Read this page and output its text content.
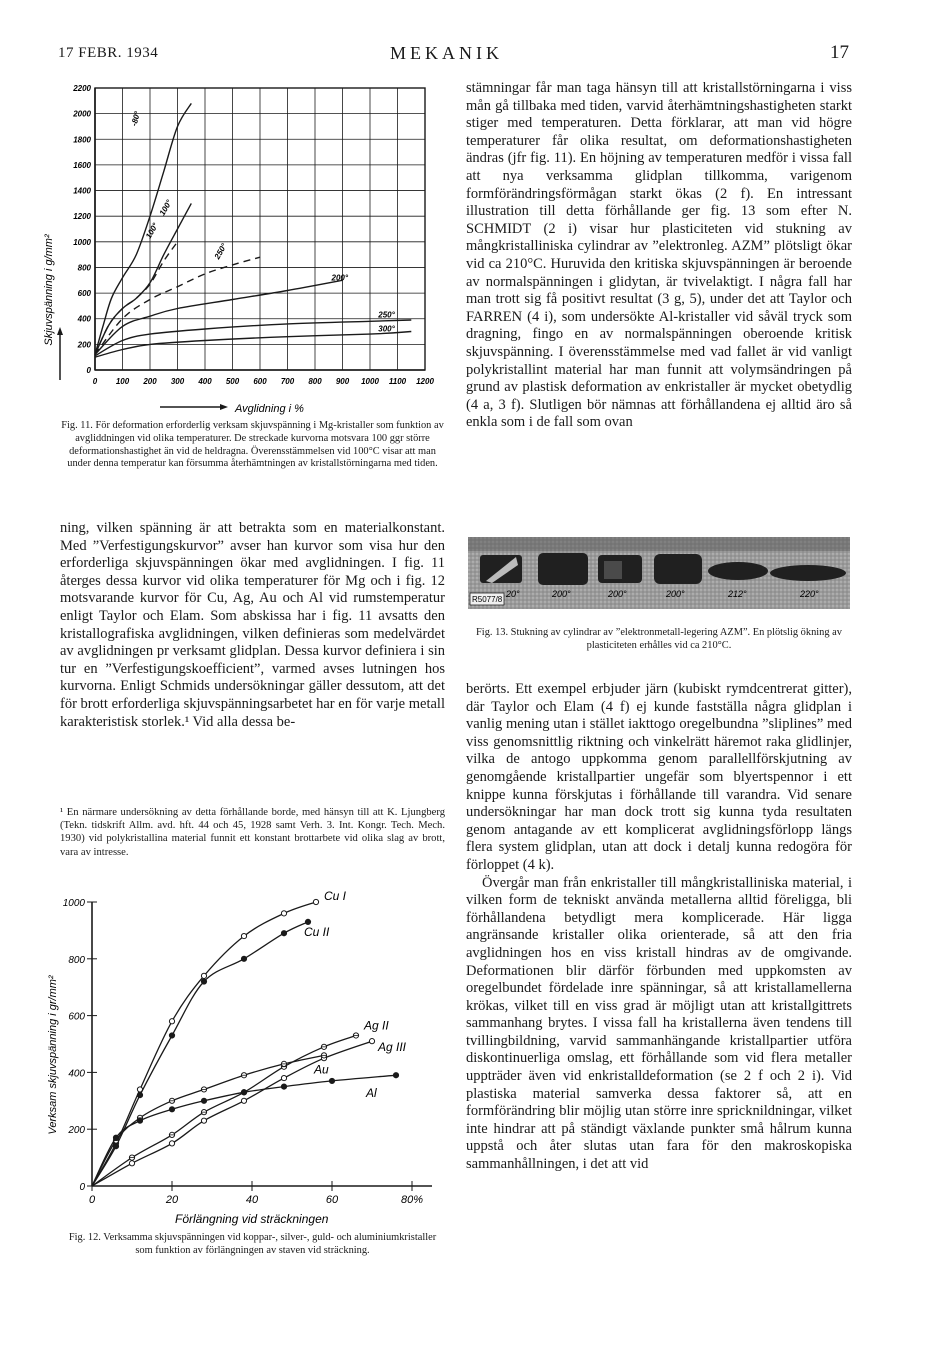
17 FEBR. 1934	MEKANIK	17
0 100 200 300 400 500 600 700 800 900 1000 1100 1200
0
200
400
600
800
1000
1200
1400
1600
1800
2000
2200
-80°
100°
100°
250°
200°
250°
300°
Avglidning i %
Skjuvspänning i g/mm²
Fig. 11. För deformation erforderlig verksam skjuvspänning i Mg-kristaller som funktion av avgliddningen vid olika temperaturer. De streckade kurvorna motsvara 100 ggr större deformationshastighet än vid de heldragna. Överensstämmelsen vid 100°C visar att man under denna temperatur kan försumma återhämtningen av kristallstörningarna med tiden.

ning, vilken spänning är att betrakta som en materialkonstant. Med ”Verfestigungskurvor” avser han kurvor som visa hur den erforderliga skjuvspänningen ökar med avglidningen. I fig. 11 återges dessa kurvor vid olika temperaturer för Mg och i fig. 12 motsvarande kurvor för Cu, Ag, Au och Al vid rumstemperatur enligt Taylor och Elam. Som abskissa har i fig. 11 avsatts den kristallografiska avglidningen, vilken definieras som medelvärdet av avglidningen pr verksamt glidplan. Dessa kurvor definiera i sin tur en ”Verfestigungskoefficient”, varmed avses lutningen hos kurvorna. Enligt Schmids undersökningar gäller dessutom, att det för brott erforderliga skjuvspänningsarbetet har en för varje metall karakteristisk storlek.¹ Vid alla dessa be-

¹ En närmare undersökning av detta förhållande borde, med hänsyn till att K. Ljungberg (Tekn. tidskrift Allm. avd. hft. 44 och 45, 1928 samt Verh. 3. Int. Kongr. Tech. Mech. 1930) vid polykristallina material funnit ett konstant brottarbete vid olika slag av brott, vara av intresse.
0
200
400
600
800
1000
0	20	40	60	80%
Cu I
Cu II
Ag II
Ag III
Au
Al
Förlängning vid sträckningen
Verksam skjuvspänning i gr/mm²
Fig. 12. Verksamma skjuvspänningen vid koppar-, silver-, guld- och aluminiumkristaller som funktion av förlängningen av staven vid sträckning.

stämningar får man taga hänsyn till att kristallstörningarna i viss mån gå tillbaka med tiden, varvid återhämtningshastigheten starkt stiger med temperaturen. Detta förklarar, att man vid högre temperaturer får olika resultat, om deformationshastigheten ändras (jfr fig. 11). En höjning av temperaturen medför i vissa fall att nya verksamma glidplan tillkomma, varigenom formförändringsförmågan starkt ökas (2 f). En intressant illustration till detta förhållande ger fig. 13 som efter N. SCHMIDT (2 i) visar hur plasticiteten vid stukning av mångkristalliniska cylindrar av ”elektronleg. AZM” plötsligt ökar vid ca 210°C. Huruvida den kritiska skjuvspänningen är beroende av normalspänningen i glidytan, är tvivelaktigt. I några fall har man trott sig få positivt resultat (3 g, 5), under det att Taylor och FARREN (4 i), som undersökte Al-kristaller vid såväl tryck som dragning, fingo en av normalspänningen oberoende kritisk skjuvspänning. I överensstämmelse med vad fallet är vid vanligt polykristallint material har man funnit att volymsändringen på grund av plastisk deformation av enkristaller är mycket obetydlig (4 a, 3 f). Slutligen bör nämnas att förhållandena ej alltid äro så enkla som i de fall som ovan

R5077/8
20°	200°	200°	200°	212°	220°
Fig. 13. Stukning av cylindrar av ”elektronmetall-legering AZM”. En plötslig ökning av plasticiteten erhålles vid ca 210°C.

berörts. Ett exempel erbjuder järn (kubiskt rymdcentrerat gitter), där Taylor och Elam (4 f) ej kunde fastställa några glidplan i vanlig mening utan i stället iakttogo oregelbundna ”sliplines” med viss genomsnittlig riktning och vinkelrätt häremot raka glidlinjer, vilka de antogo uppkomma genom parallellförskjutning av genomgående kristallpartier ungefär som blyertspennor i ett knippe kunna förskjutas i förhållande till varandra. Vid senare undersökningar har man dock trott sig kunna tyda resultaten genom antagande av ett komplicerat avglidningsförlopp längs flera system glidplan, utan att dock i detalj kunna redogöra för förloppet (4 k).

Övergår man från enkristaller till mångkristalliniska material, i vilken form de tekniskt använda metallerna alltid föreligga, bli förhållandena betydligt mera komplicerade. Här ligga angränsande kristaller olika orienterade, så att den fria avglidningen hos en viss kristall hindras av de omgivande. Deformationen blir därför förbunden med uppkomsten av oregelbundet fördelade inre spänningar, så att kristallamellerna krökas, vilket till en viss grad är möjligt utan att kristallgittrets sammanhang brytes. I vissa fall ha kristallerna även tendens till tvillingbildning, varvid sammanhängande kristallpartier utföra diskontinuerliga omslag, ett förhållande som vid flera metaller uppträder även vid enkristalldeformation (se 2 f och 2 i). Vid plastiska material samverka dessa faktorer så, att en formförändring blir möjlig utan större inre spricknildningar, vilket inte hindrar att på ständigt växlande punkter små hålrum kunna uppstå och åter slutas utan fara för den makroskopiska sammanhållningen, i det att vid
